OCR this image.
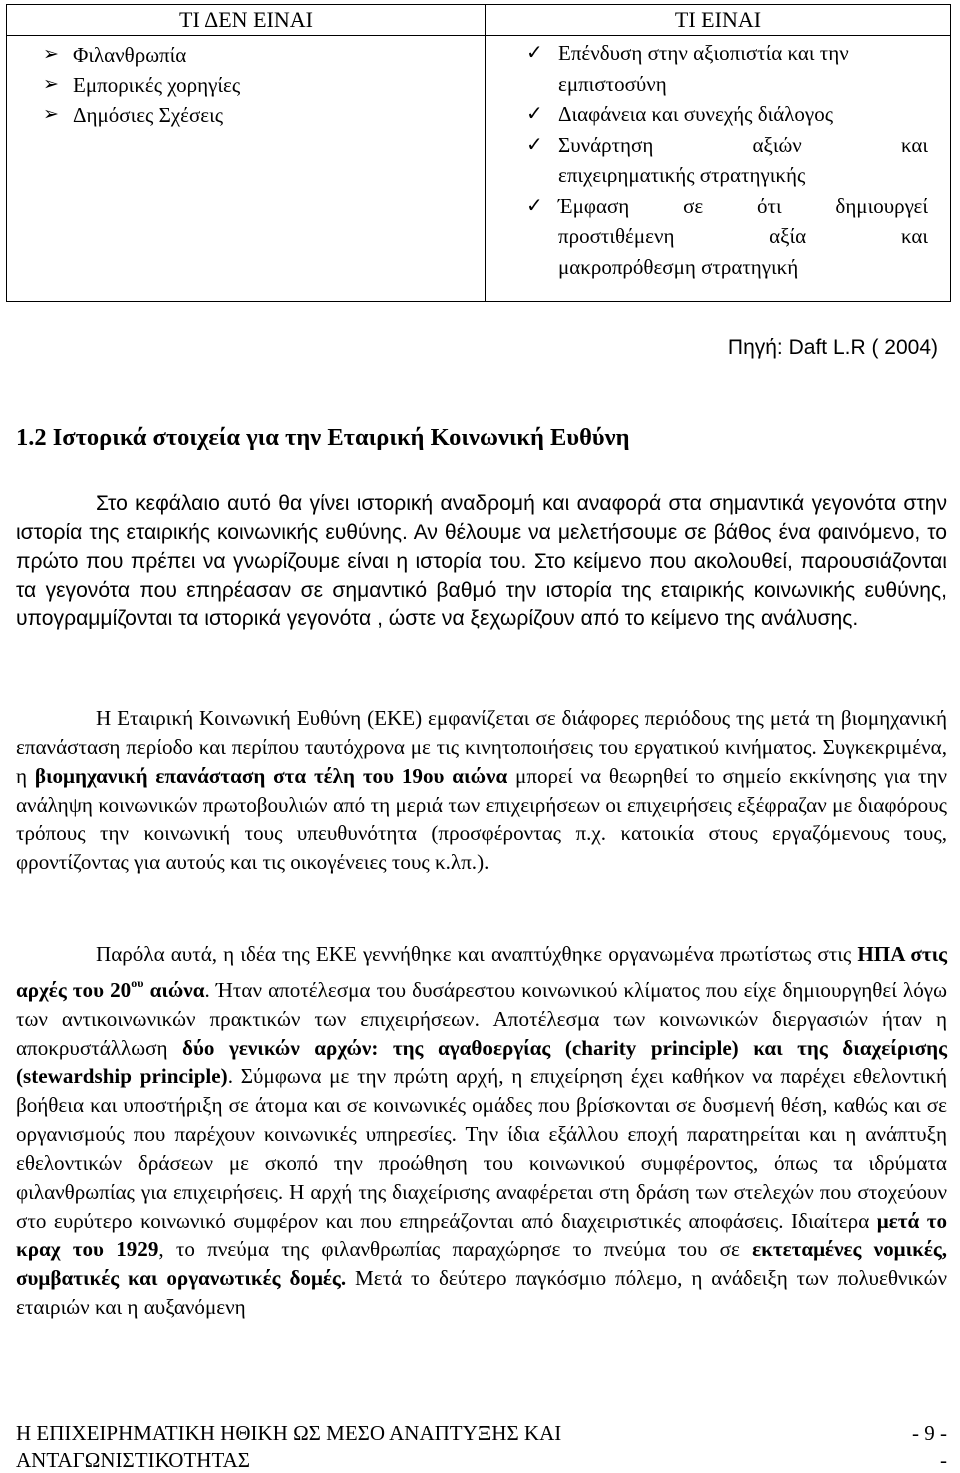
ΤΙ ΔΕΝ ΕΙΝΑΙ
➢ Φιλανθρωπία
➢ Εμπορικές χορηγίες
➢ Δημόσιες Σχέσεις
ΤΙ ΕΙΝΑΙ
✓ Επένδυση στην αξιοπιστία και την
εμπιστοσύνη
✓ Διαφάνεια και συνεχής διάλογος
✓ Συνάρτηση αξιών και
επιχειρηματικής στρατηγικής
✓ Έμφαση σε ότι δημιουργεί
προστιθέμενη αξία και
μακροπρόθεσμη στρατηγική
Πηγή: Daft L.R ( 2004)
1.2 Ιστορικά στοιχεία για την Εταιρική Κοινωνική Ευθύνη

Στο κεφάλαιο αυτό θα γίνει ιστορική αναδρομή και αναφορά στα σημαντικά γεγονότα στην ιστορία της εταιρικής κοινωνικής ευθύνης. Αν θέλουμε να μελετήσουμε σε βάθος ένα φαινόμενο, το πρώτο που πρέπει να γνωρίζουμε είναι η ιστορία του. Στο κείμενο που ακολουθεί, παρουσιάζονται τα γεγονότα που επηρέασαν σε σημαντικό βαθμό την ιστορία της εταιρικής κοινωνικής ευθύνης, υπογραμμίζονται τα ιστορικά γεγονότα , ώστε να ξεχωρίζουν από το κείμενο της ανάλυσης.

Η Εταιρική Κοινωνική Ευθύνη (ΕΚΕ) εμφανίζεται σε διάφορες περιόδους της μετά τη βιομηχανική επανάσταση περίοδο και περίπου ταυτόχρονα με τις κινητοποιήσεις του εργατικού κινήματος. Συγκεκριμένα, η βιομηχανική επανάσταση στα τέλη του 19ου αιώνα μπορεί να θεωρηθεί το σημείο εκκίνησης για την ανάληψη κοινωνικών πρωτοβουλιών από τη μεριά των επιχειρήσεων οι επιχειρήσεις εξέφραζαν με διαφόρους τρόπους την κοινωνική τους υπευθυνότητα (προσφέροντας π.χ. κατοικία στους εργαζόμενους τους, φροντίζοντας για αυτούς και τις οικογένειες τους κ.λπ.).

Παρόλα αυτά, η ιδέα της ΕΚΕ γεννήθηκε και αναπτύχθηκε οργανωμένα πρωτίστως στις ΗΠΑ στις αρχές του $20^{o\upsilon}$ αιώνα. Ήταν αποτέλεσμα του δυσάρεστου κοινωνικού κλίματος που είχε δημιουργηθεί λόγω των αντικοινωνικών πρακτικών των επιχειρήσεων. Αποτέλεσμα των κοινωνικών διεργασιών ήταν η αποκρυστάλλωση δύο γενικών αρχών: της αγαθοεργίας (charity principle) και της διαχείρισης (stewardship principle). Σύμφωνα με την πρώτη αρχή, η επιχείρηση έχει καθήκον να παρέχει εθελοντική βοήθεια και υποστήριξη σε άτομα και σε κοινωνικές ομάδες που βρίσκονται σε δυσμενή θέση, καθώς και σε οργανισμούς που παρέχουν κοινωνικές υπηρεσίες. Την ίδια εξάλλου εποχή παρατηρείται και η ανάπτυξη εθελοντικών δράσεων με σκοπό την προώθηση του κοινωνικού συμφέροντος, όπως τα ιδρύματα φιλανθρωπίας για επιχειρήσεις. Η αρχή της διαχείρισης αναφέρεται στη δράση των στελεχών που στοχεύουν στο ευρύτερο κοινωνικό συμφέρον και που επηρεάζονται από διαχειριστικές αποφάσεις. Ιδιαίτερα μετά το κραχ του 1929, το πνεύμα της φιλανθρωπίας παραχώρησε το πνεύμα του σε εκτεταμένες νομικές, συμβατικές και οργανωτικές δομές. Μετά το δεύτερο παγκόσμιο πόλεμο, η ανάδειξη των πολυεθνικών εταιριών και η αυξανόμενη

Η ΕΠΙΧΕΙΡΗΜΑΤΙΚΗ ΗΘΙΚΗ ΩΣ ΜΕΣΟ ΑΝΑΠΤΥΞΗΣ ΚΑΙ
ΑΝΤΑΓΩΝΙΣΤΙΚΟΤΗΤΑΣ
- 9 -
-
